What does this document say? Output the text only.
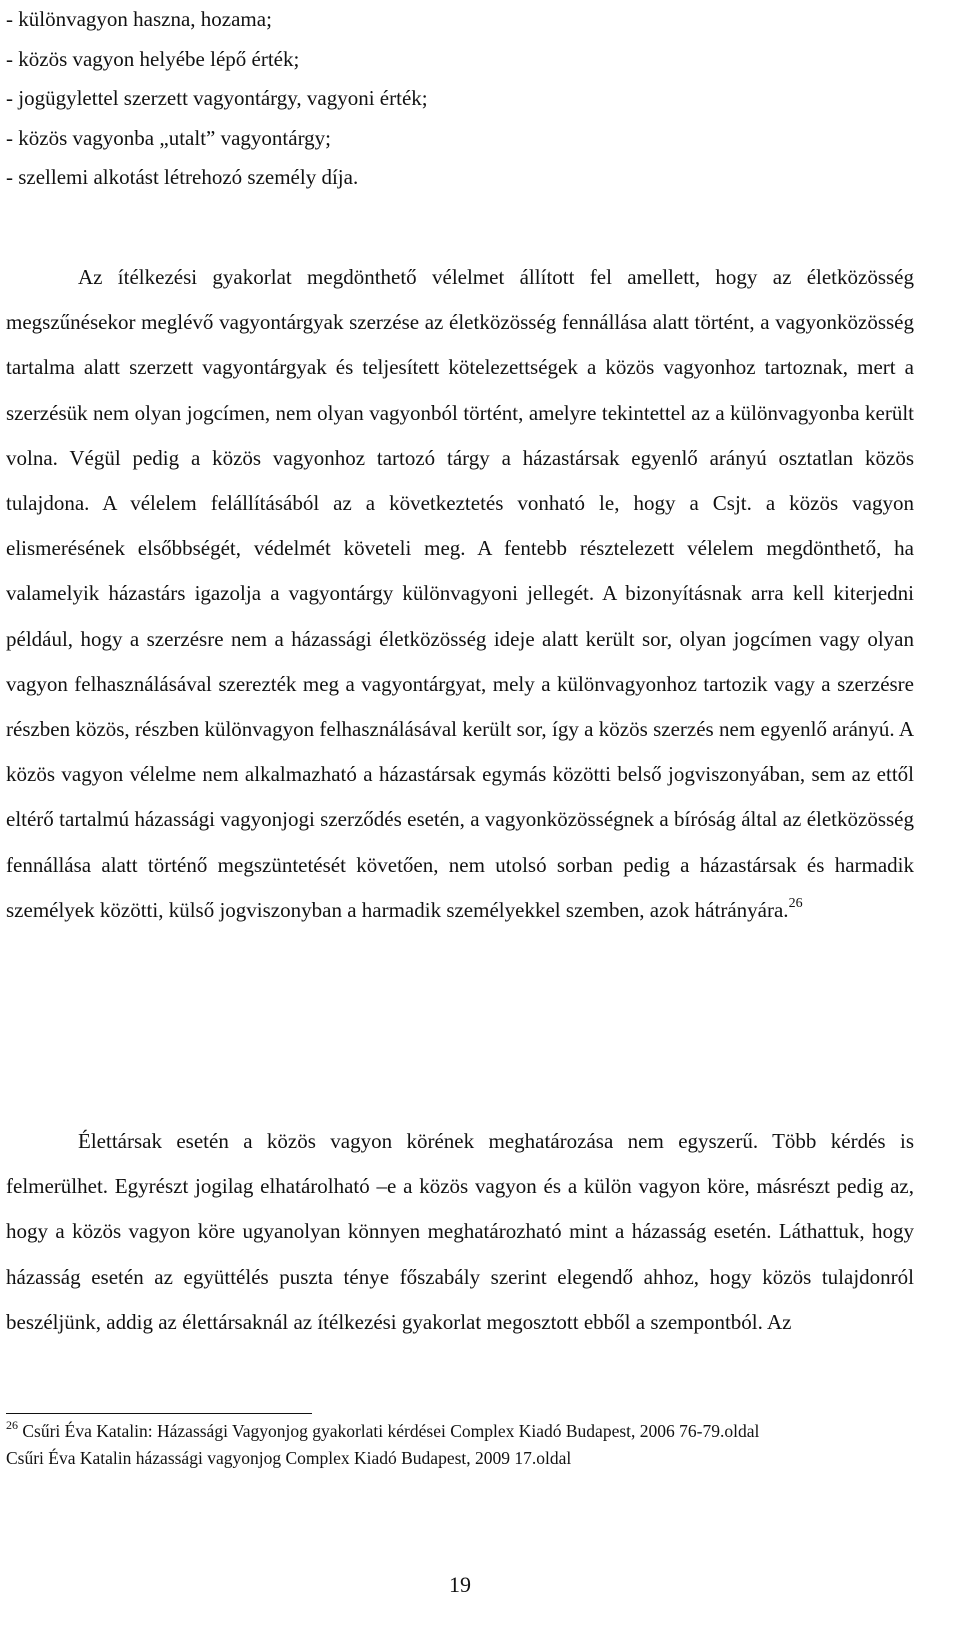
- különvagyon haszna, hozama;
- közös vagyon helyébe lépő érték;
- jogügylettel szerzett vagyontárgy, vagyoni érték;
- közös vagyonba „utalt” vagyontárgy;
- szellemi alkotást létrehozó személy díja.

Az ítélkezési gyakorlat megdönthető vélelmet állított fel amellett, hogy az életközösség megszűnésekor meglévő vagyontárgyak szerzése az életközösség fennállása alatt történt, a vagyonközösség tartalma alatt szerzett vagyontárgyak és teljesített kötelezettségek a közös vagyonhoz tartoznak, mert a szerzésük nem olyan jogcímen, nem olyan vagyonból történt, amelyre tekintettel az a különvagyonba került volna. Végül pedig a közös vagyonhoz tartozó tárgy a házastársak egyenlő arányú osztatlan közös tulajdona. A vélelem felállításából az a következtetés vonható le, hogy a Csjt. a közös vagyon elismerésének elsőbbségét, védelmét követeli meg. A fentebb résztelezett vélelem megdönthető, ha valamelyik házastárs igazolja a vagyontárgy különvagyoni jellegét. A bizonyításnak arra kell kiterjedni például, hogy a szerzésre nem a házassági életközösség ideje alatt került sor, olyan jogcímen vagy olyan vagyon felhasználásával szerezték meg a vagyontárgyat, mely a különvagyonhoz tartozik vagy a szerzésre részben közös, részben különvagyon felhasználásával került sor, így a közös szerzés nem egyenlő arányú. A közös vagyon vélelme nem alkalmazható a házastársak egymás közötti belső jogviszonyában, sem az ettől eltérő tartalmú házassági vagyonjogi szerződés esetén, a vagyonközösségnek a bíróság által az életközösség fennállása alatt történő megszüntetését követően, nem utolsó sorban pedig a házastársak és harmadik személyek közötti, külső jogviszonyban a harmadik személyekkel szemben, azok hátrányára.$^{26}$

Élettársak esetén a közös vagyon körének meghatározása nem egyszerű. Több kérdés is felmerülhet. Egyrészt jogilag elhatárolható –e a közös vagyon és a külön vagyon köre, másrészt pedig az, hogy a közös vagyon köre ugyanolyan könnyen meghatározható mint a házasság esetén. Láthattuk, hogy házasság esetén az együttélés puszta ténye főszabály szerint elegendő ahhoz, hogy közös tulajdonról beszéljünk, addig az élettársaknál az ítélkezési gyakorlat megosztott ebből a szempontból. Az

$^{26}$ Csűri Éva Katalin: Házassági Vagyonjog gyakorlati kérdései Complex Kiadó Budapest, 2006 76-79.oldal

Csűri Éva Katalin házassági vagyonjog Complex Kiadó Budapest, 2009 17.oldal

19
